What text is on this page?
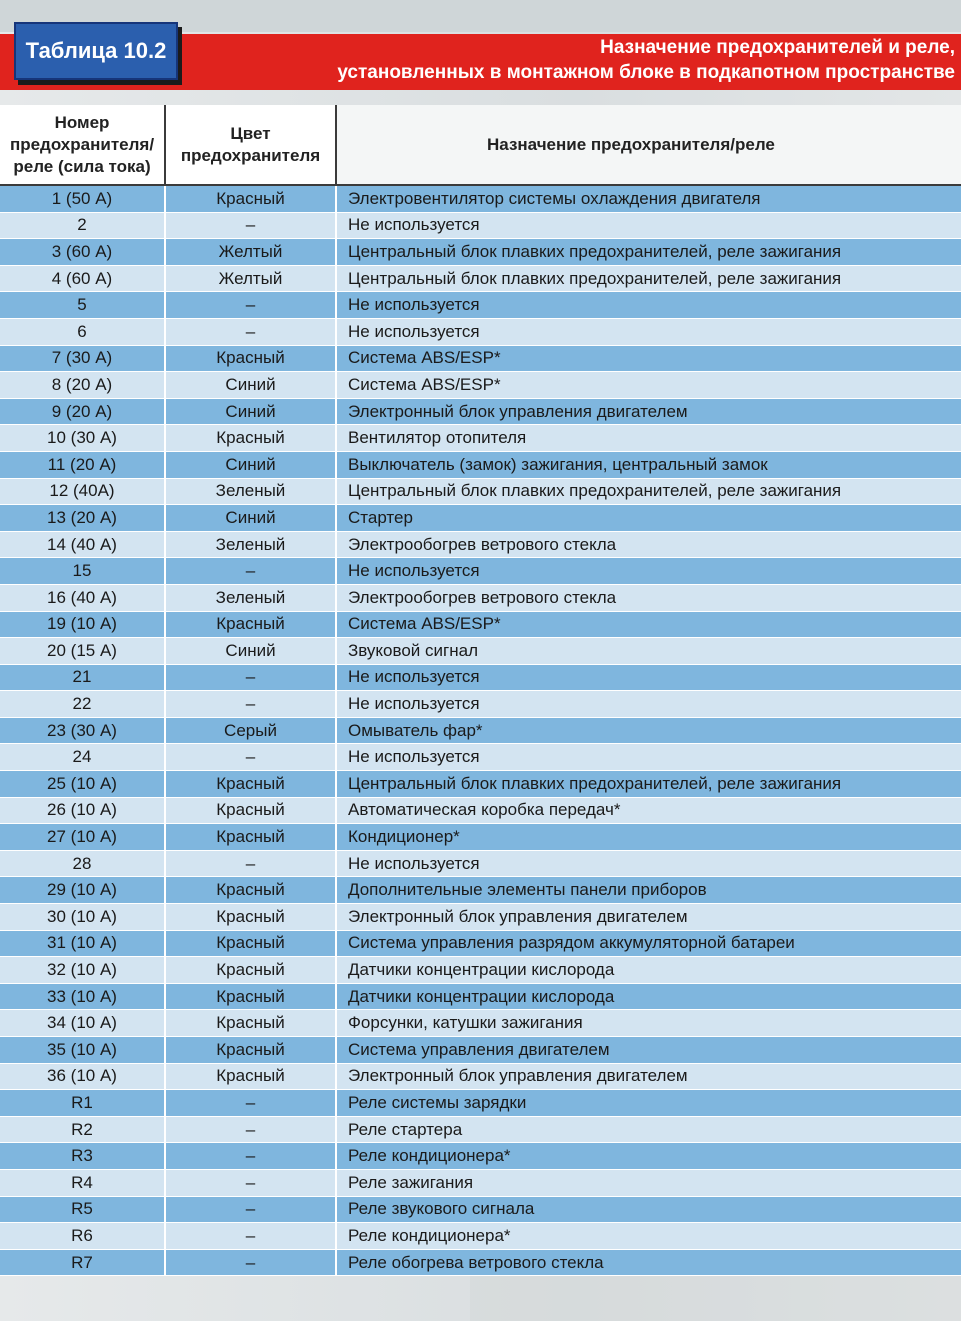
Таблица 10.2	Назначение предохранителей и реле,
установленных в монтажном блоке в подкапотном пространстве
Номер предохранителя/ реле (сила тока)	Цвет предохранителя	Назначение предохранителя/реле
1 (50 А)	Красный	Электровентилятор системы охлаждения двигателя
2	–	Не используется
3 (60 А)	Желтый	Центральный блок плавких предохранителей, реле зажигания
4 (60 А)	Желтый	Центральный блок плавких предохранителей, реле зажигания
5	–	Не используется
6	–	Не используется
7 (30 А)	Красный	Система ABS/ESP*
8 (20 А)	Синий	Система ABS/ESP*
9 (20 А)	Синий	Электронный блок управления двигателем
10 (30 А)	Красный	Вентилятор отопителя
11 (20 А)	Синий	Выключатель (замок) зажигания, центральный замок
12 (40А)	Зеленый	Центральный блок плавких предохранителей, реле зажигания
13 (20 А)	Синий	Стартер
14 (40 А)	Зеленый	Электрообогрев ветрового стекла
15	–	Не используется
16 (40 А)	Зеленый	Электрообогрев ветрового стекла
19 (10 А)	Красный	Система ABS/ESP*
20 (15 А)	Синий	Звуковой сигнал
21	–	Не используется
22	–	Не используется
23 (30 А)	Серый	Омыватель фар*
24	–	Не используется
25 (10 А)	Красный	Центральный блок плавких предохранителей, реле зажигания
26 (10 А)	Красный	Автоматическая коробка передач*
27 (10 А)	Красный	Кондиционер*
28	–	Не используется
29 (10 А)	Красный	Дополнительные элементы панели приборов
30 (10 А)	Красный	Электронный блок управления двигателем
31 (10 А)	Красный	Система управления разрядом аккумуляторной батареи
32 (10 А)	Красный	Датчики концентрации кислорода
33 (10 А)	Красный	Датчики концентрации кислорода
34 (10 А)	Красный	Форсунки, катушки зажигания
35 (10 А)	Красный	Система управления двигателем
36 (10 А)	Красный	Электронный блок управления двигателем
R1	–	Реле системы зарядки
R2	–	Реле стартера
R3	–	Реле кондиционера*
R4	–	Реле зажигания
R5	–	Реле звукового сигнала
R6	–	Реле кондиционера*
R7	–	Реле обогрева ветрового стекла
